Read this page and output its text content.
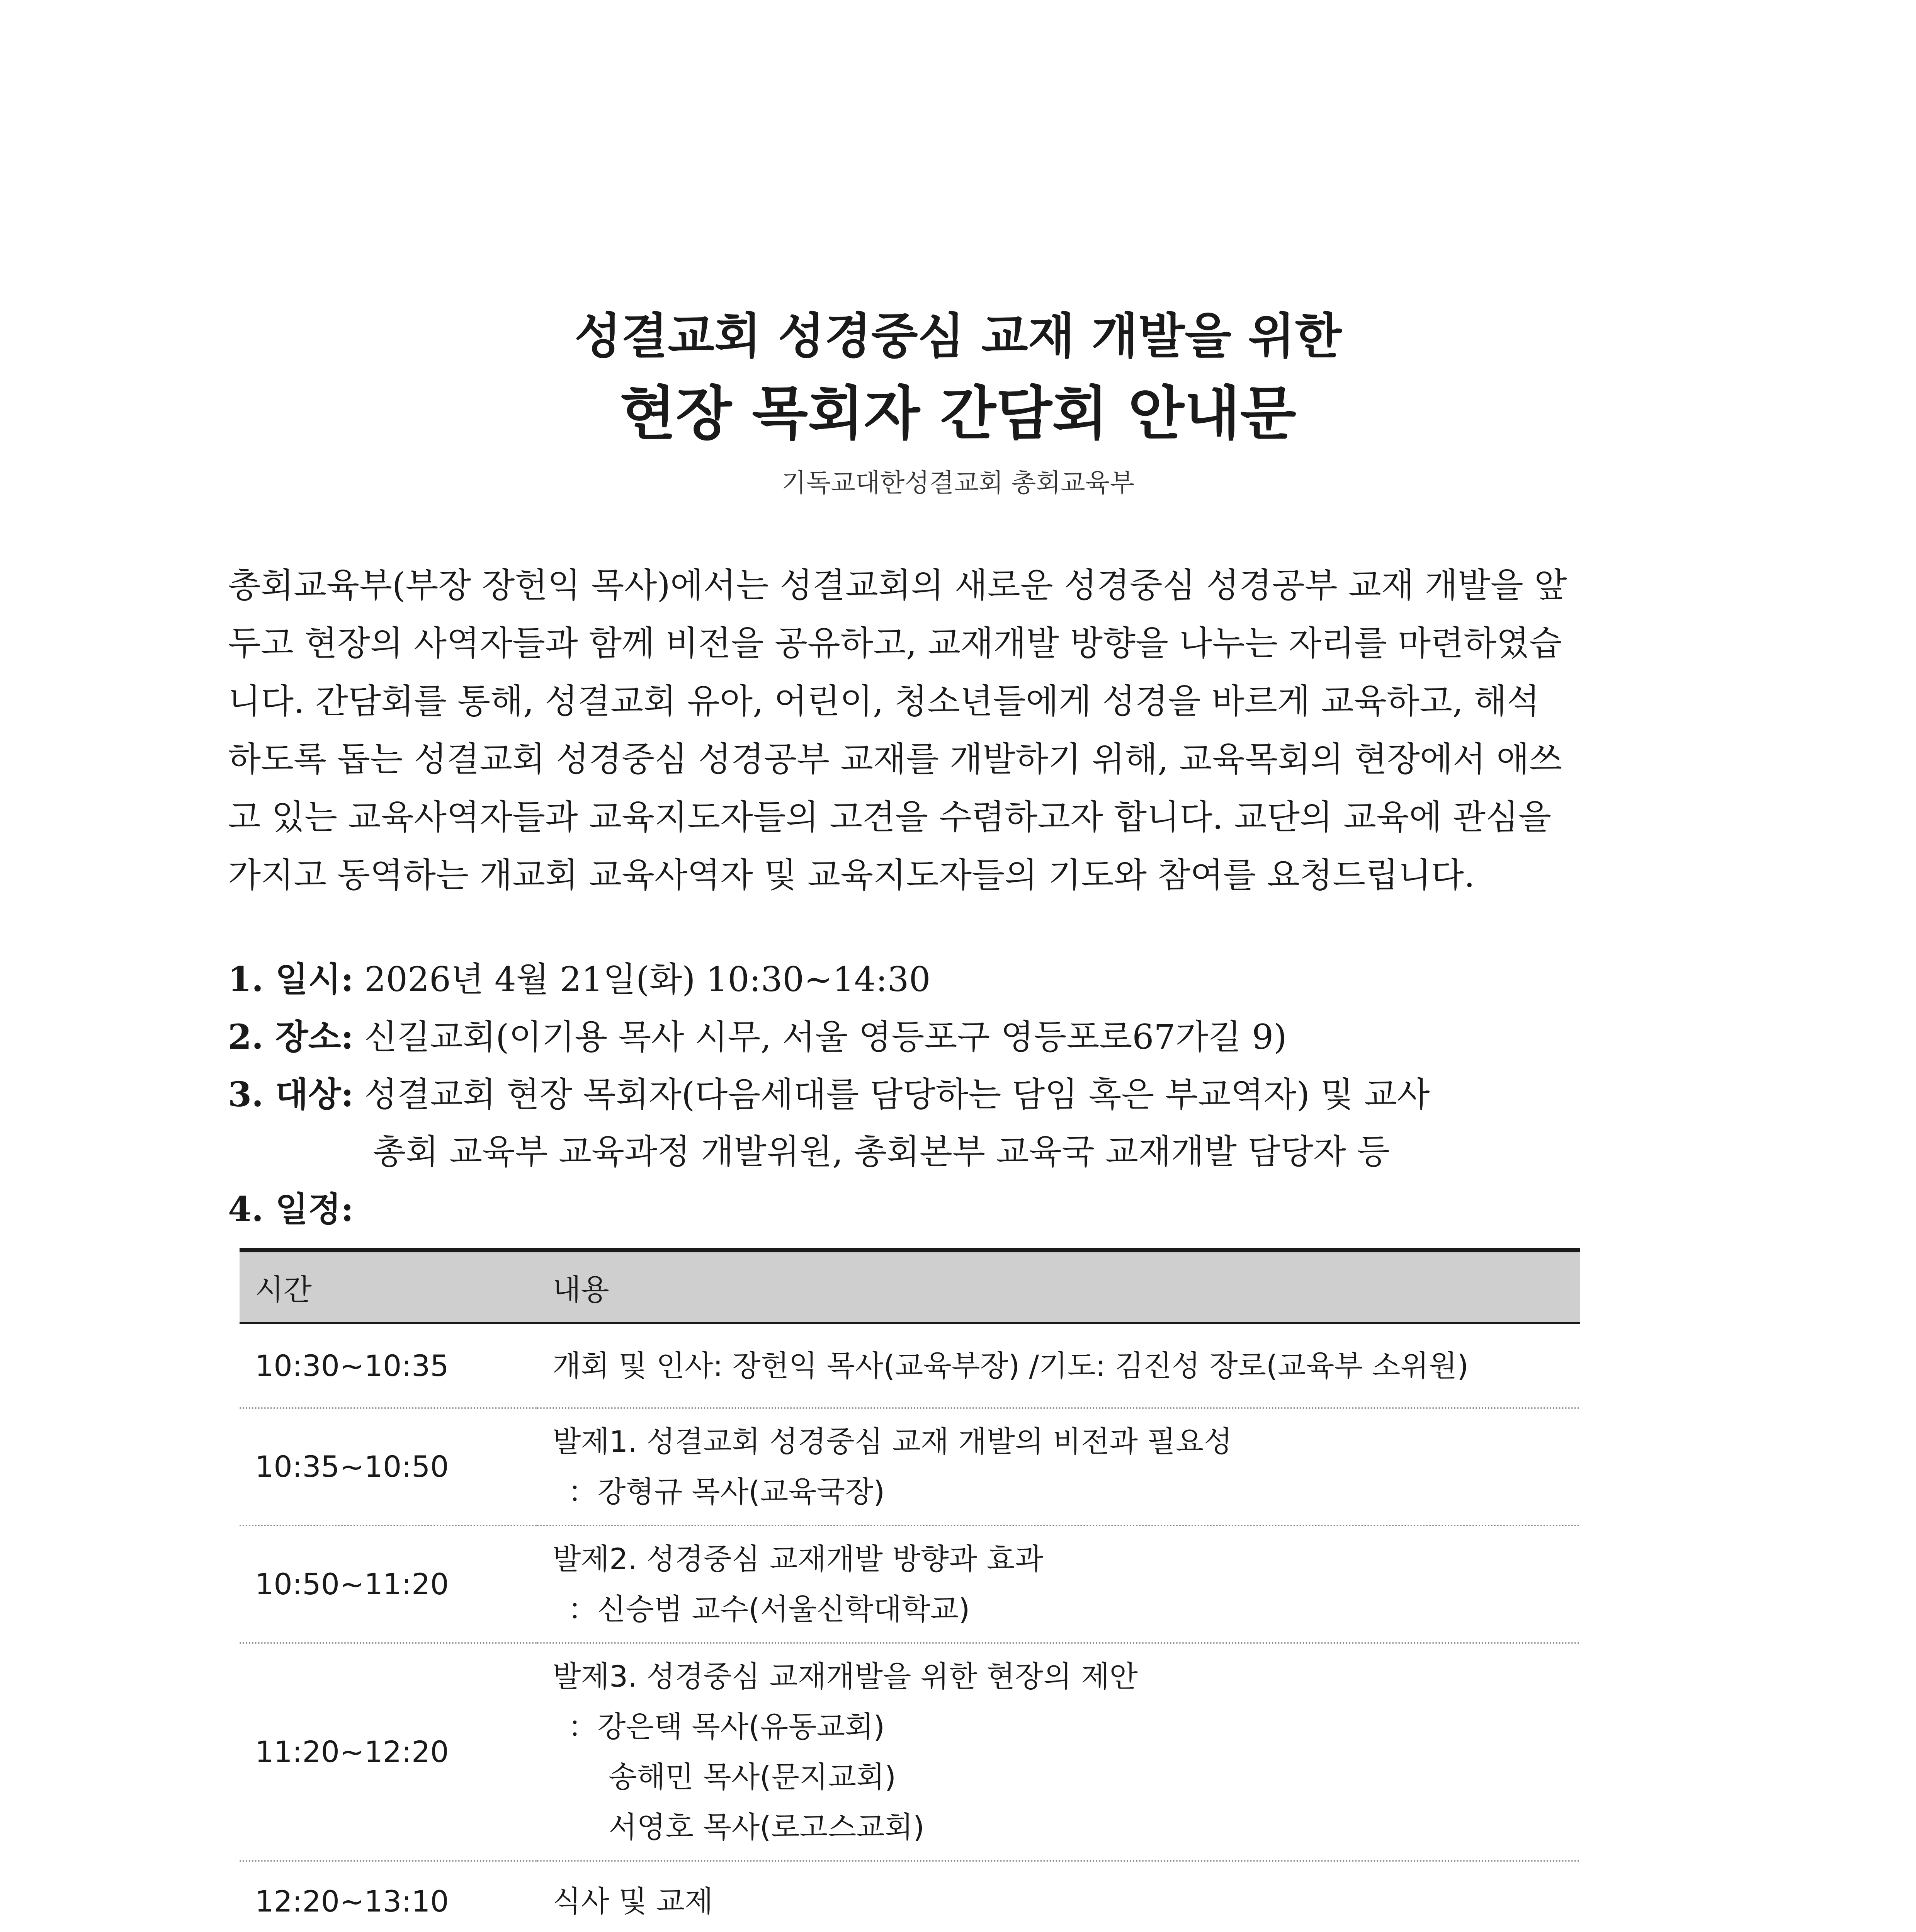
성결교회 성경중심 교재 개발을 위한
현장 목회자 간담회 안내문
기독교대한성결교회 총회교육부
총회교육부(부장 장헌익 목사)에서는 성결교회의 새로운 성경중심 성경공부 교재 개발을 앞
두고 현장의 사역자들과 함께 비전을 공유하고, 교재개발 방향을 나누는 자리를 마련하였습
니다. 간담회를 통해, 성결교회 유아, 어린이, 청소년들에게 성경을 바르게 교육하고, 해석
하도록 돕는 성결교회 성경중심 성경공부 교재를 개발하기 위해, 교육목회의 현장에서 애쓰
고 있는 교육사역자들과 교육지도자들의 고견을 수렴하고자 합니다. 교단의 교육에 관심을
가지고 동역하는 개교회 교육사역자 및 교육지도자들의 기도와 참여를 요청드립니다.
1. 일시: 2026년 4월 21일(화) 10:30~14:30
2. 장소: 신길교회(이기용 목사 시무, 서울 영등포구 영등포로67가길 9)
3. 대상: 성결교회 현장 목회자(다음세대를 담당하는 담임 혹은 부교역자) 및 교사
총회 교육부 교육과정 개발위원, 총회본부 교육국 교재개발 담당자 등
4. 일정:
시간	내용
10:30~10:35	개회 및 인사: 장헌익 목사(교육부장) /기도: 김진성 장로(교육부 소위원)

10:35~10:50	발제1. 성결교회 성경중심 교재 개발의 비전과 필요성
：강형규 목사(교육국장)

10:50~11:20	발제2. 성경중심 교재개발 방향과 효과
：신승범 교수(서울신학대학교)

11:20~12:20	발제3. 성경중심 교재개발을 위한 현장의 제안
：강은택 목사(유동교회)
송해민 목사(문지교회)
서영호 목사(로고스교회)

12:20~13:10	식사 및 교제
